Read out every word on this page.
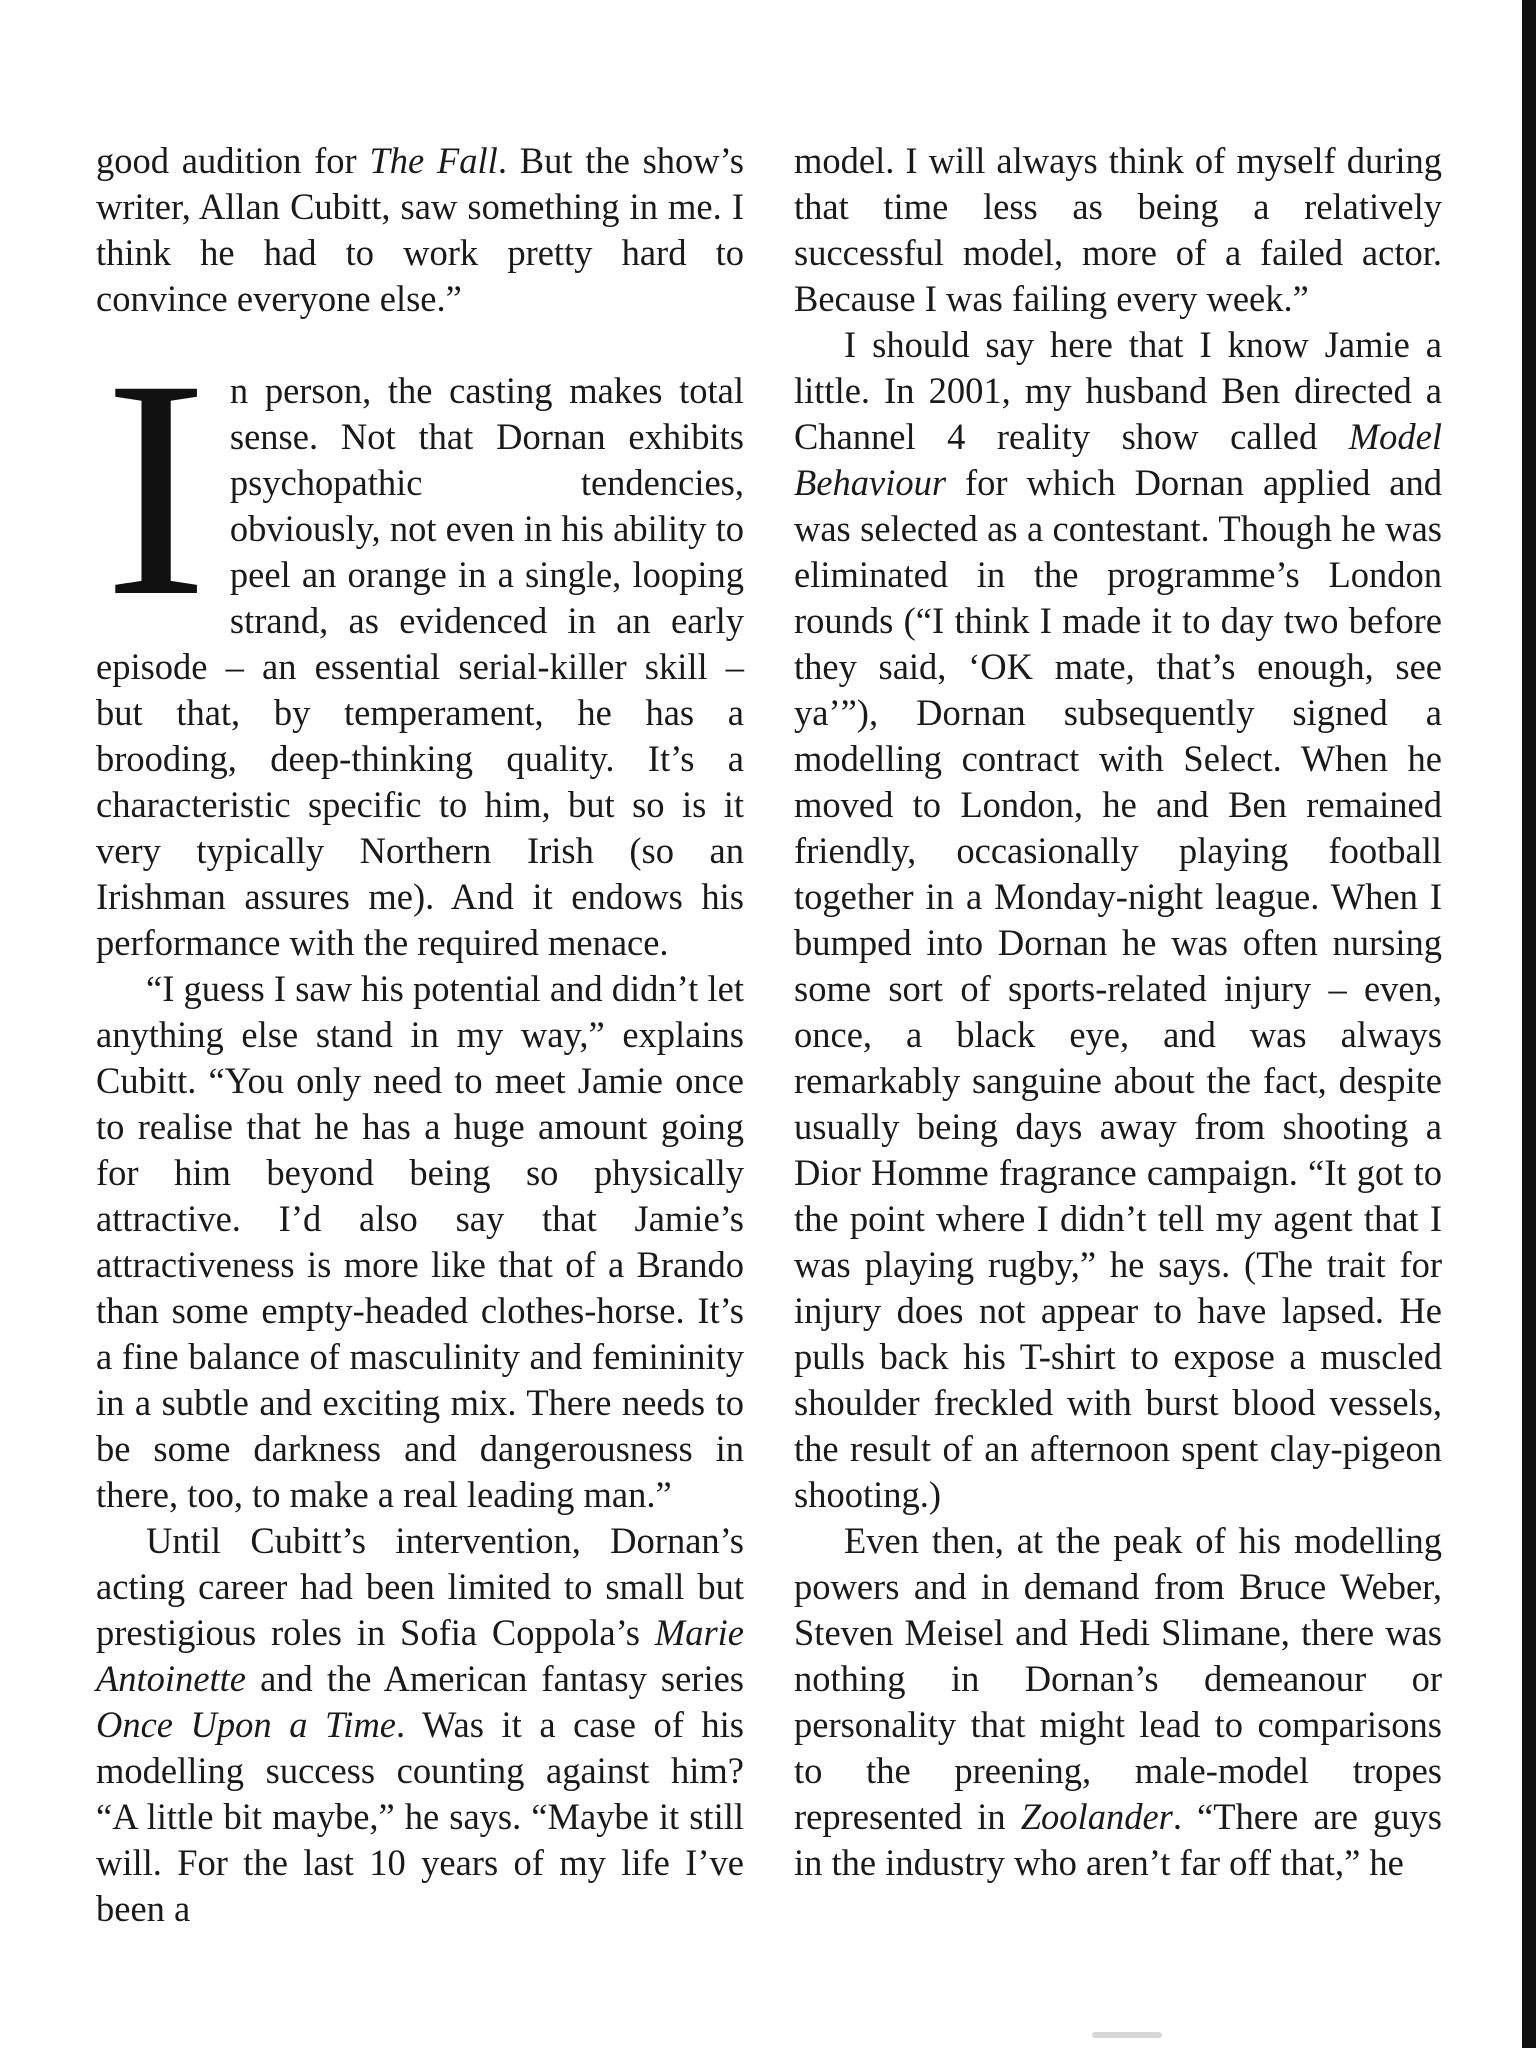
good audition for The Fall. But the show’s writer, Allan Cubitt, saw something in me. I think he had to work pretty hard to convince everyone else.”

In person, the casting makes total sense. Not that Dornan exhibits psychopathic tendencies, obviously, not even in his ability to peel an orange in a single, looping strand, as evidenced in an early episode – an essential serial-killer skill – but that, by temperament, he has a brooding, deep-thinking quality. It’s a characteristic specific to him, but so is it very typically Northern Irish (so an Irishman assures me). And it endows his performance with the required menace.

“I guess I saw his potential and didn’t let anything else stand in my way,” explains Cubitt. “You only need to meet Jamie once to realise that he has a huge amount going for him beyond being so physically attractive. I’d also say that Jamie’s attractiveness is more like that of a Brando than some empty-headed clothes-horse. It’s a fine balance of masculinity and femininity in a subtle and exciting mix. There needs to be some darkness and dangerousness in there, too, to make a real leading man.”

Until Cubitt’s intervention, Dornan’s acting career had been limited to small but prestigious roles in Sofia Coppola’s Marie Antoinette and the American fantasy series Once Upon a Time. Was it a case of his modelling success counting against him? “A little bit maybe,” he says. “Maybe it still will. For the last 10 years of my life I’ve been a

model. I will always think of myself during that time less as being a relatively successful model, more of a failed actor. Because I was failing every week.”

I should say here that I know Jamie a little. In 2001, my husband Ben directed a Channel 4 reality show called Model Behaviour for which Dornan applied and was selected as a contestant. Though he was eliminated in the programme’s London rounds (“I think I made it to day two before they said, ‘OK mate, that’s enough, see ya’”), Dornan subsequently signed a modelling contract with Select. When he moved to London, he and Ben remained friendly, occasionally playing football together in a Monday-night league. When I bumped into Dornan he was often nursing some sort of sports-related injury – even, once, a black eye, and was always remarkably sanguine about the fact, despite usually being days away from shooting a Dior Homme fragrance campaign. “It got to the point where I didn’t tell my agent that I was playing rugby,” he says. (The trait for injury does not appear to have lapsed. He pulls back his T-shirt to expose a muscled shoulder freckled with burst blood vessels, the result of an afternoon spent clay-pigeon shooting.)

Even then, at the peak of his modelling powers and in demand from Bruce Weber, Steven Meisel and Hedi Slimane, there was nothing in Dornan’s demeanour or personality that might lead to comparisons to the preening, male-model tropes represented in Zoolander. “There are guys in the industry who aren’t far off that,” he
